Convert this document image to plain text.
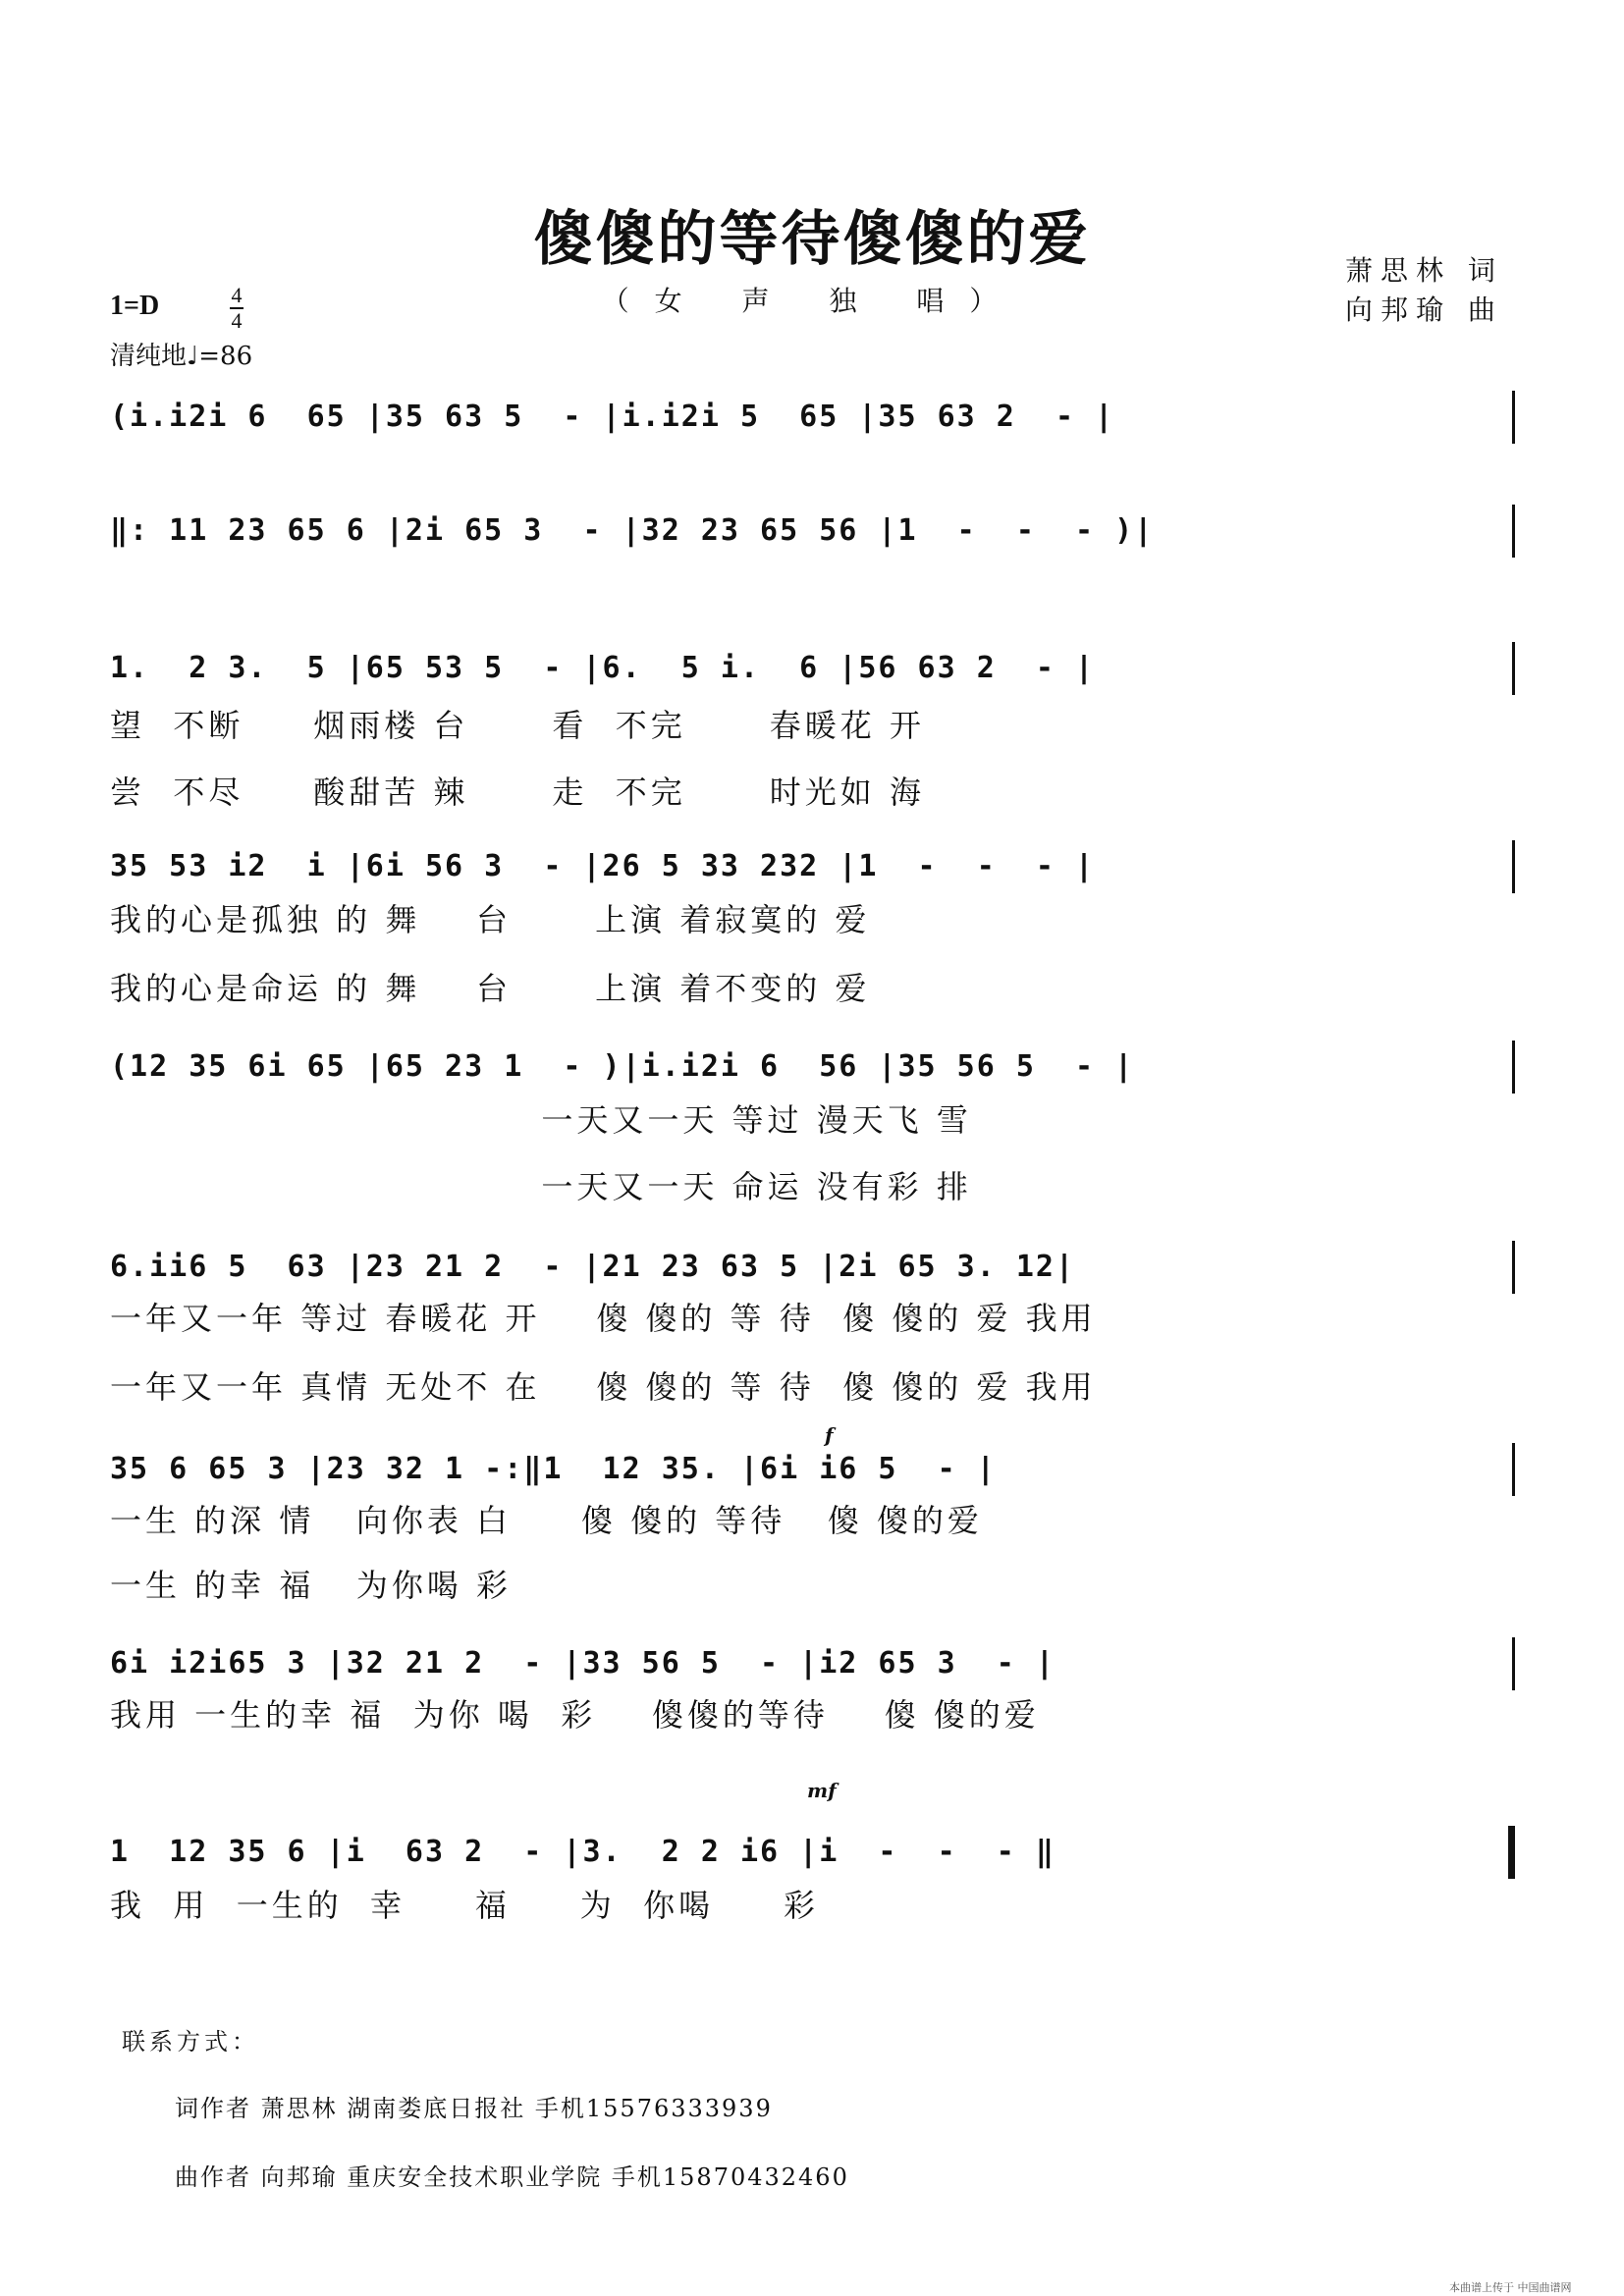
傻傻的等待傻傻的爱
（女 声 独 唱）
萧思林 词
向邦瑜 曲
1=D	4
4
清纯地♩=86
(i.i2i 6  65 |35 63 5  - |i.i2i 5  65 |35 63 2  - |
‖: 11 23 65 6 |2i 65 3  - |32 23 65 56 |1  -  -  - )|
1.  2 3.  5 |65 53 5  - |6.  5 i.  6 |56 63 2  - |
望  不断     烟雨楼 台      看  不完      春暖花 开
尝  不尽     酸甜苦 辣      走  不完      时光如 海
35 53 i2  i |6i 56 3  - |26 5 33 232 |1  -  -  - |
我的心是孤独 的 舞    台      上演 着寂寞的 爱
我的心是命运 的 舞    台      上演 着不变的 爱
(12 35 6i 65 |65 23 1  - )|i.i2i 6  56 |35 56 5  - |
一天又一天 等过 漫天飞 雪
一天又一天 命运 没有彩 排
6.ii6 5  63 |23 21 2  - |21 23 63 5 |2i 65 3. 12|
一年又一年 等过 春暖花 开    傻 傻的 等 待  傻 傻的 爱 我用
一年又一年 真情 无处不 在    傻 傻的 等 待  傻 傻的 爱 我用
f
35 6 65 3 |23 32 1 -:‖1  12 35. |6i i6 5  - |
一生 的深 情   向你表 白     傻 傻的 等待   傻 傻的爱
一生 的幸 福   为你喝 彩
6i i2i65 3 |32 21 2  - |33 56 5  - |i2 65 3  - |
我用 一生的幸 福  为你 喝  彩    傻傻的等待    傻 傻的爱
mf
1  12 35 6 |i  63 2  - |3.  2 2 i6 |i  -  -  - ‖
我  用  一生的  幸     福     为  你喝     彩
联系方式：
词作者 萧思林 湖南娄底日报社 手机15576333939
曲作者 向邦瑜 重庆安全技术职业学院 手机15870432460
本曲谱上传于 中国曲谱网
